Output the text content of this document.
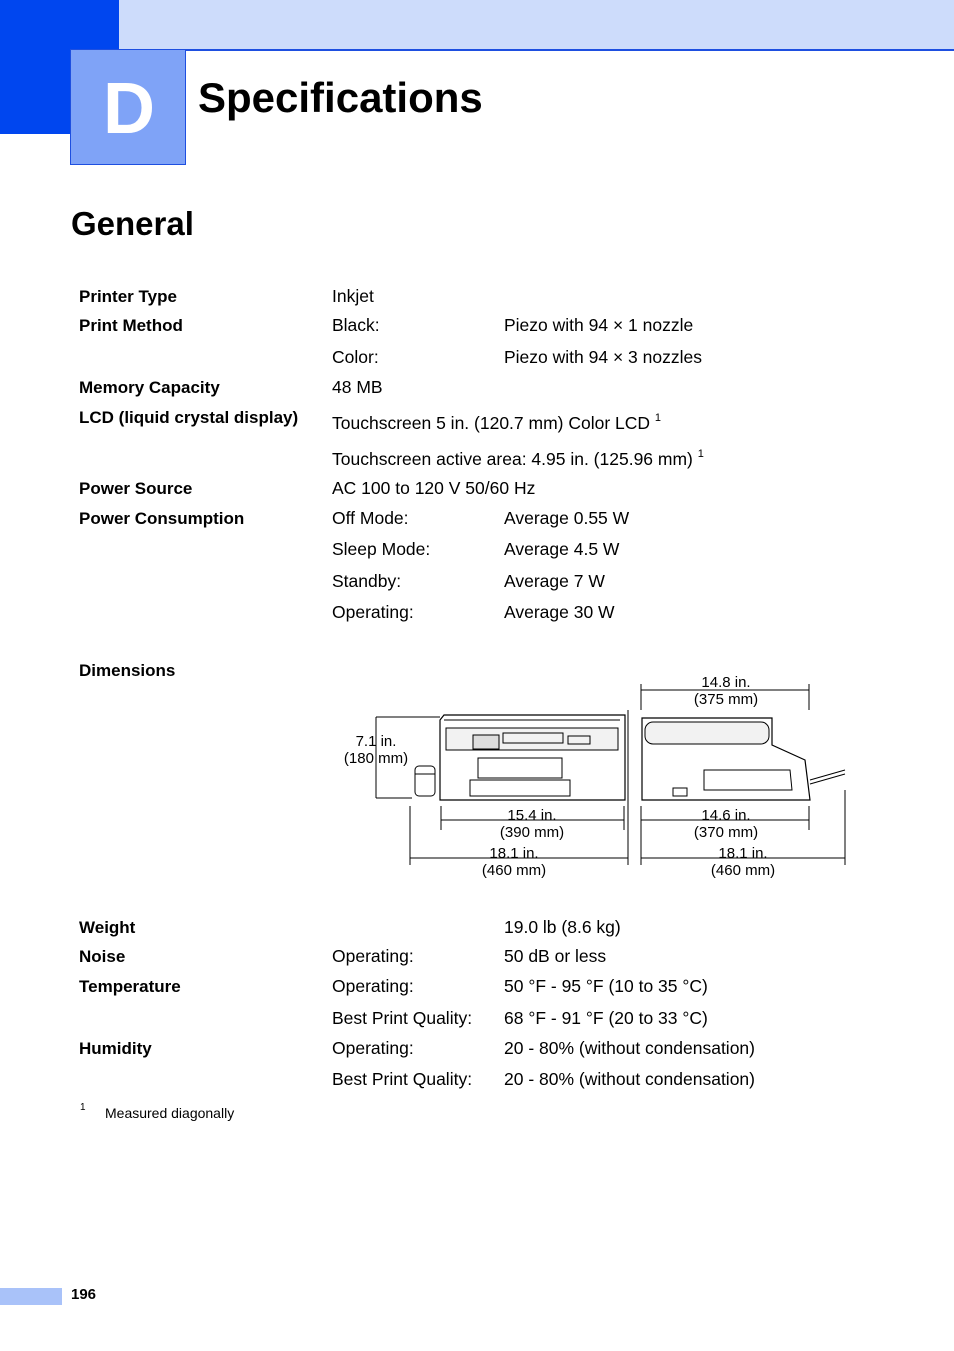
D	Specifications
General
Printer Type	Inkjet
Print Method	Black:	Piezo with 94 × 1 nozzle
Color:	Piezo with 94 × 3 nozzles
Memory Capacity	48 MB
LCD (liquid crystal display) Touchscreen 5 in. (120.7 mm) Color LCD $^1$
Touchscreen active area: 4.95 in. (125.96 mm) $^1$
Power Source	AC 100 to 120 V 50/60 Hz
Power Consumption	Off Mode:	Average 0.55 W
Sleep Mode:	Average 4.5 W
Standby:	Average 7 W
Operating:	Average 30 W
Dimensions
7.1 in.
(180 mm)
15.4 in.
(390 mm)
18.1 in.
(460 mm)
14.8 in.
(375 mm)
14.6 in.
(370 mm)
18.1 in.
(460 mm)
Weight	19.0 lb (8.6 kg)
Noise	Operating:	50 dB or less
Temperature	Operating:	50 °F - 95 °F (10 to 35 °C)
Best Print Quality: 68 °F - 91 °F (20 to 33 °C)
Humidity	Operating:	20 - 80% (without condensation)
Best Print Quality: 20 - 80% (without condensation)
1 Measured diagonally
196
